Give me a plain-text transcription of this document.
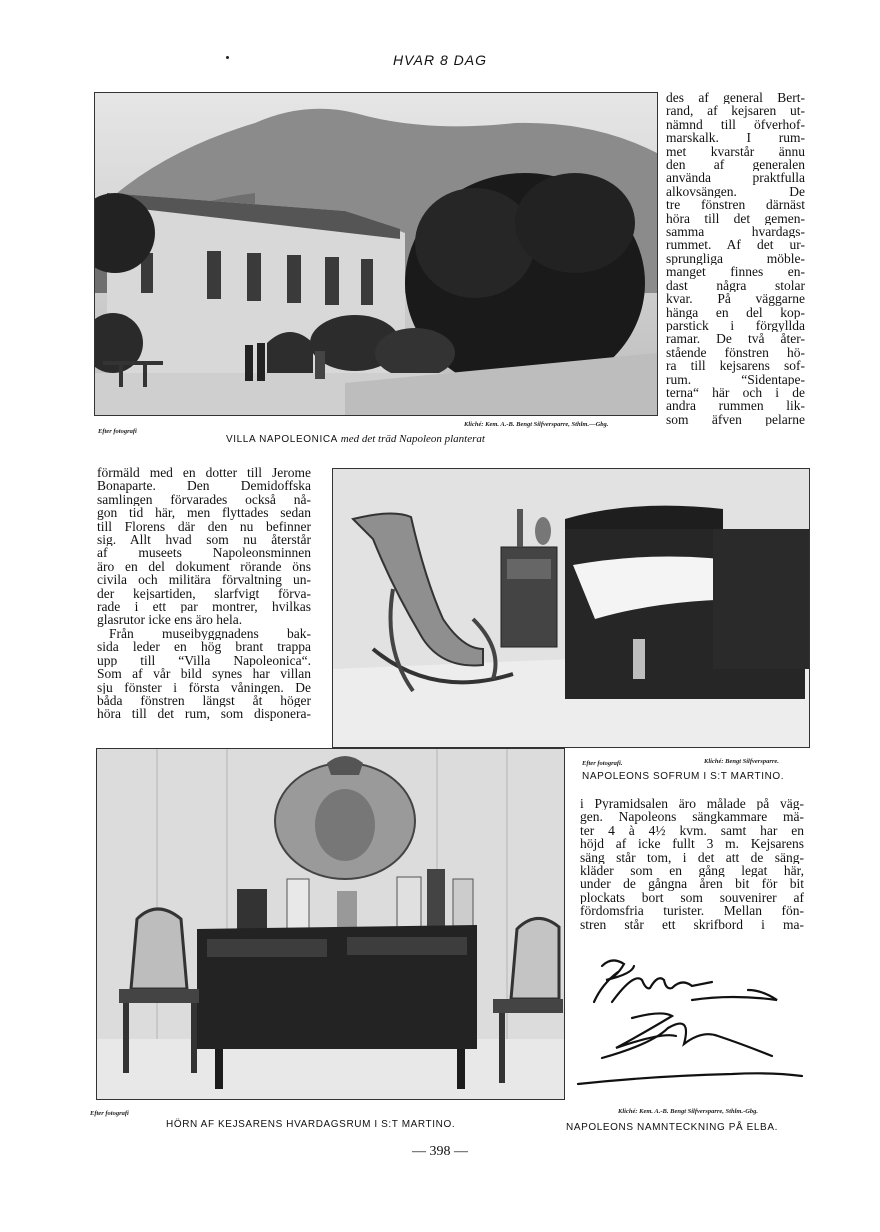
HVAR 8 DAG
Efter fotografi
Kliché: Kem. A.-B. Bengt Silfversparre, Sthlm.—Gbg.
VILLA NAPOLEONICA med det träd Napoleon planterat
des af general Bert-
rand, af kejsaren ut-
nämnd till öfverhof-
marskalk. I rum-
met kvarstår ännu
den af generalen
använda praktfulla
alkovsängen. De
tre fönstren därnäst
höra till det gemen-
samma hvardags-
rummet. Af det ur-
sprungliga möble-
manget finnes en-
dast några stolar
kvar. På väggarne
hänga en del kop-
parstick i förgyllda
ramar. De två åter-
stående fönstren hö-
ra till kejsarens sof-
rum. “Sidentape-
terna“ här och i de
andra rummen lik-
som äfven pelarne
förmäld med en dotter till Jerome
Bonaparte. Den Demidoffska
samlingen förvarades också nå-
gon tid här, men flyttades sedan
till Florens där den nu befinner
sig. Allt hvad som nu återstår
af museets Napoleonsminnen
äro en del dokument rörande öns
civila och militära förvaltning un-
der kejsartiden, slarfvigt förva-
rade i ett par montrer, hvilkas
glasrutor icke ens äro hela.
Från museibyggnadens bak-
sida leder en hög brant trappa
upp till “Villa Napoleonica“.
Som af vår bild synes har villan
sju fönster i första våningen. De
båda fönstren längst åt höger
höra till det rum, som disponera-
Efter fotografi.	Kliché: Bengt Silfversparre.
NAPOLEONS SOFRUM I S:T MARTINO.
i Pyramidsalen äro målade på väg-
gen. Napoleons sängkammare mä-
ter 4 à 4½ kvm. samt har en
höjd af icke fullt 3 m. Kejsarens
säng står tom, i det att de säng-
kläder som en gång legat här,
under de gångna åren bit för bit
plockats bort som souvenirer af
fördomsfria turister. Mellan fön-
stren står ett skrifbord i ma-
Efter fotografi
HÖRN AF KEJSARENS HVARDAGSRUM I S:T MARTINO.
Kliché: Kem. A.-B. Bengt Silfversparre, Sthlm.-Gbg.
NAPOLEONS NAMNTECKNING PÅ ELBA.
— 398 —
